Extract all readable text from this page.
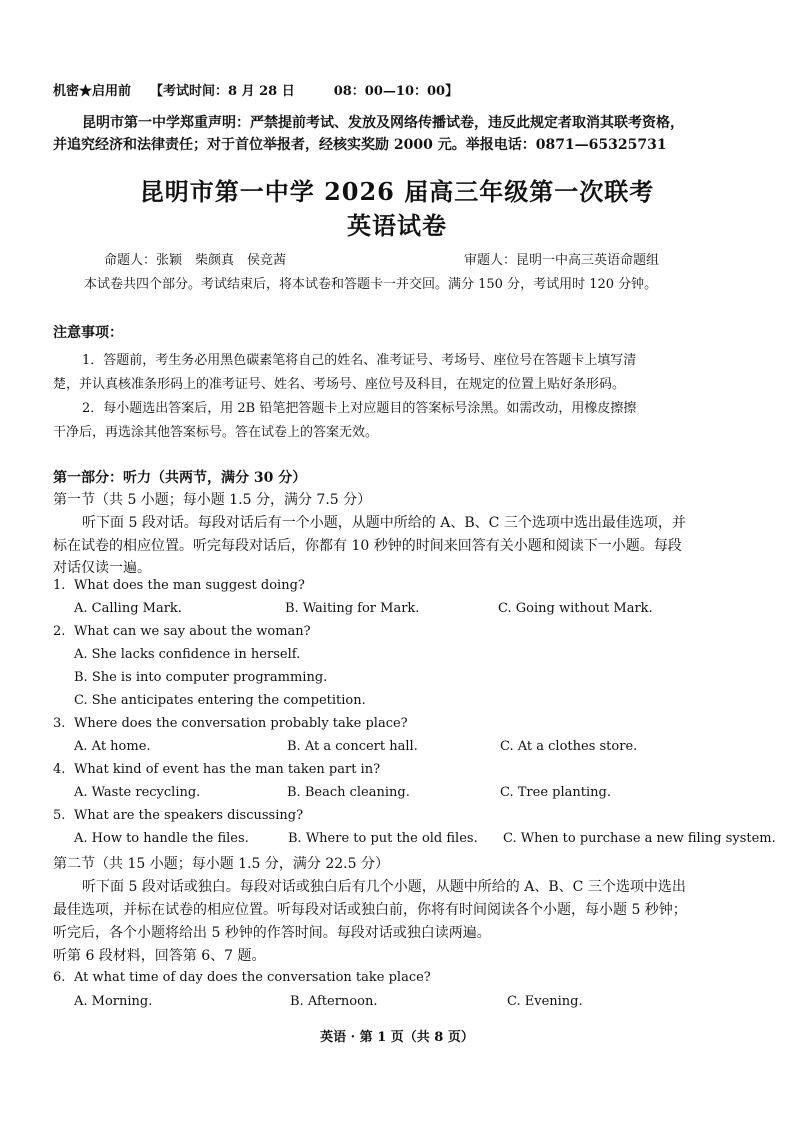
机密★启用前 【考试时间：8 月 28 日　　　08：00—10：00】
昆明市第一中学郑重声明：严禁提前考试、发放及网络传播试卷，违反此规定者取消其联考资格，
并追究经济和法律责任；对于首位举报者，经核实奖励 2000 元。举报电话：0871—65325731
昆明市第一中学 2026 届高三年级第一次联考
英语试卷
命题人：张颖　柴颜真　侯竞茜	审题人：昆明一中高三英语命题组
本试卷共四个部分。考试结束后，将本试卷和答题卡一并交回。满分 150 分，考试用时 120 分钟。
注意事项：
1．答题前，考生务必用黑色碳素笔将自己的姓名、准考证号、考场号、座位号在答题卡上填写清
楚，并认真核准条形码上的准考证号、姓名、考场号、座位号及科目，在规定的位置上贴好条形码。
2．每小题选出答案后，用 2B 铅笔把答题卡上对应题目的答案标号涂黑。如需改动，用橡皮擦擦
干净后，再选涂其他答案标号。答在试卷上的答案无效。
第一部分：听力（共两节，满分 30 分）
第一节（共 5 小题；每小题 1.5 分，满分 7.5 分）
听下面 5 段对话。每段对话后有一个小题，从题中所给的 A、B、C 三个选项中选出最佳选项，并
标在试卷的相应位置。听完每段对话后，你都有 10 秒钟的时间来回答有关小题和阅读下一小题。每段
对话仅读一遍。
1. What does the man suggest doing?
A. Calling Mark.	B. Waiting for Mark.	C. Going without Mark.
2. What can we say about the woman?
A. She lacks confidence in herself.
B. She is into computer programming.
C. She anticipates entering the competition.
3. Where does the conversation probably take place?
A. At home.	B. At a concert hall.	C. At a clothes store.
4. What kind of event has the man taken part in?
A. Waste recycling.	B. Beach cleaning.	C. Tree planting.
5. What are the speakers discussing?
A. How to handle the files.	B. Where to put the old files. C. When to purchase a new filing system.
第二节（共 15 小题；每小题 1.5 分，满分 22.5 分）
听下面 5 段对话或独白。每段对话或独白后有几个小题，从题中所给的 A、B、C 三个选项中选出
最佳选项，并标在试卷的相应位置。听每段对话或独白前，你将有时间阅读各个小题，每小题 5 秒钟；
听完后，各个小题将给出 5 秒钟的作答时间。每段对话或独白读两遍。
听第 6 段材料，回答第 6、7 题。
6. At what time of day does the conversation take place?
A. Morning.	B. Afternoon.	C. Evening.
英语 · 第 1 页（共 8 页）
